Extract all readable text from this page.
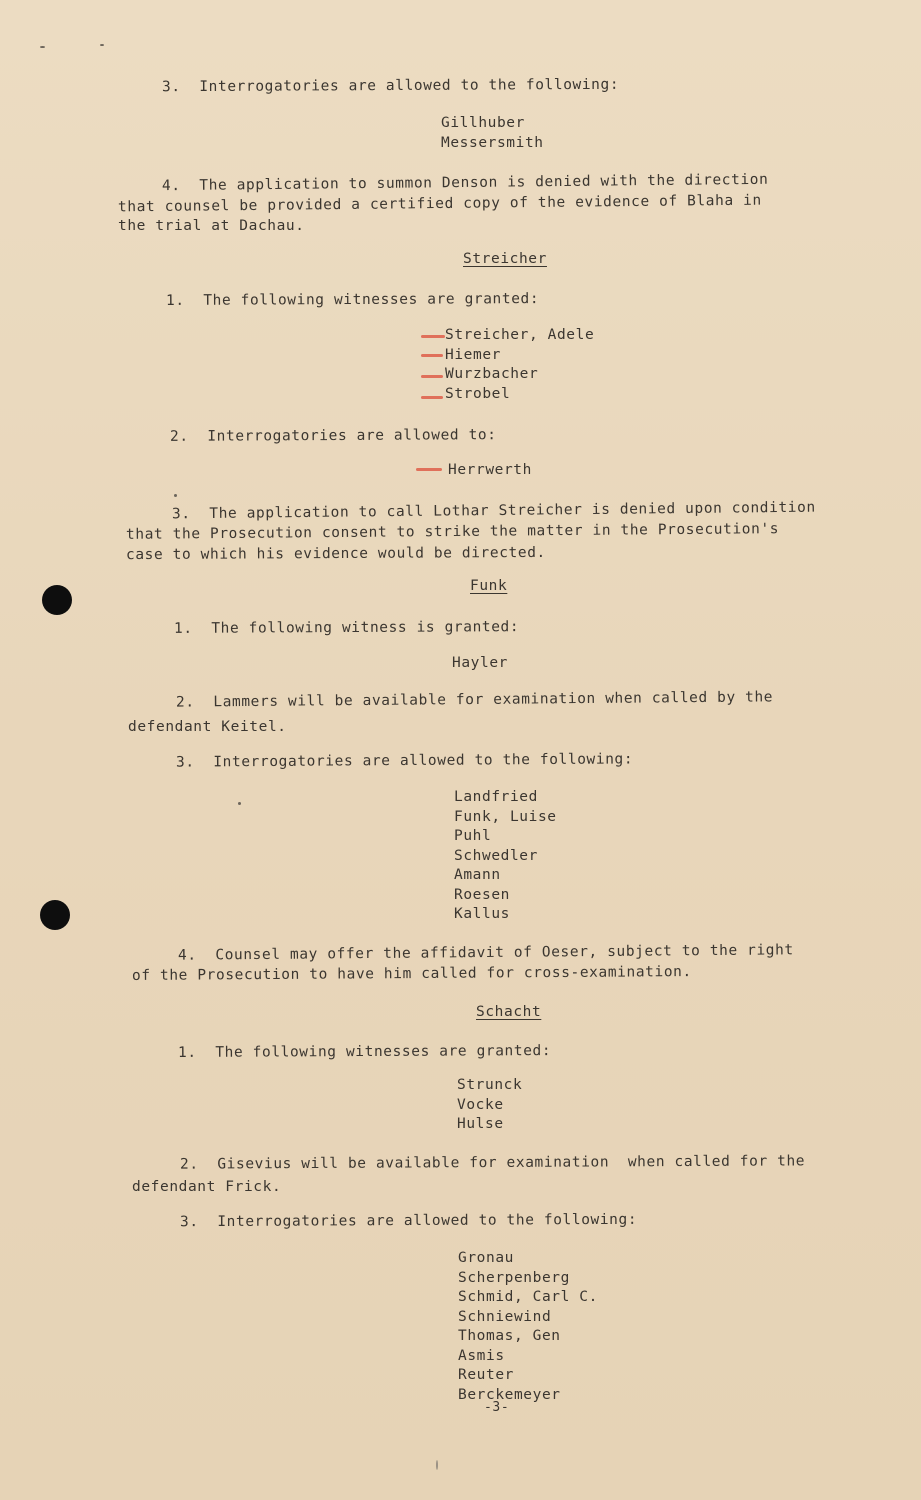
3.  Interrogatories are allowed to the following:
Gillhuber
Messersmith
4.  The application to summon Denson is denied with the direction
that counsel be provided a certified copy of the evidence of Blaha in
the trial at Dachau.
Streicher
1.  The following witnesses are granted:
Streicher, Adele
Hiemer
Wurzbacher
Strobel
2.  Interrogatories are allowed to:
Herrwerth
3.  The application to call Lothar Streicher is denied upon condition
that the Prosecution consent to strike the matter in the Prosecution's
case to which his evidence would be directed.
Funk
1.  The following witness is granted:
Hayler
2.  Lammers will be available for examination when called by the
defendant Keitel.
3.  Interrogatories are allowed to the following:
Landfried
Funk, Luise
Puhl
Schwedler
Amann
Roesen
Kallus
4.  Counsel may offer the affidavit of Oeser, subject to the right
of the Prosecution to have him called for cross-examination.
Schacht
1.  The following witnesses are granted:
Strunck
Vocke
Hulse
2.  Gisevius will be available for examination  when called for the
defendant Frick.
3.  Interrogatories are allowed to the following:
Gronau
Scherpenberg
Schmid, Carl C.
Schniewind
Thomas, Gen
Asmis
Reuter
Berckemeyer
-3-
